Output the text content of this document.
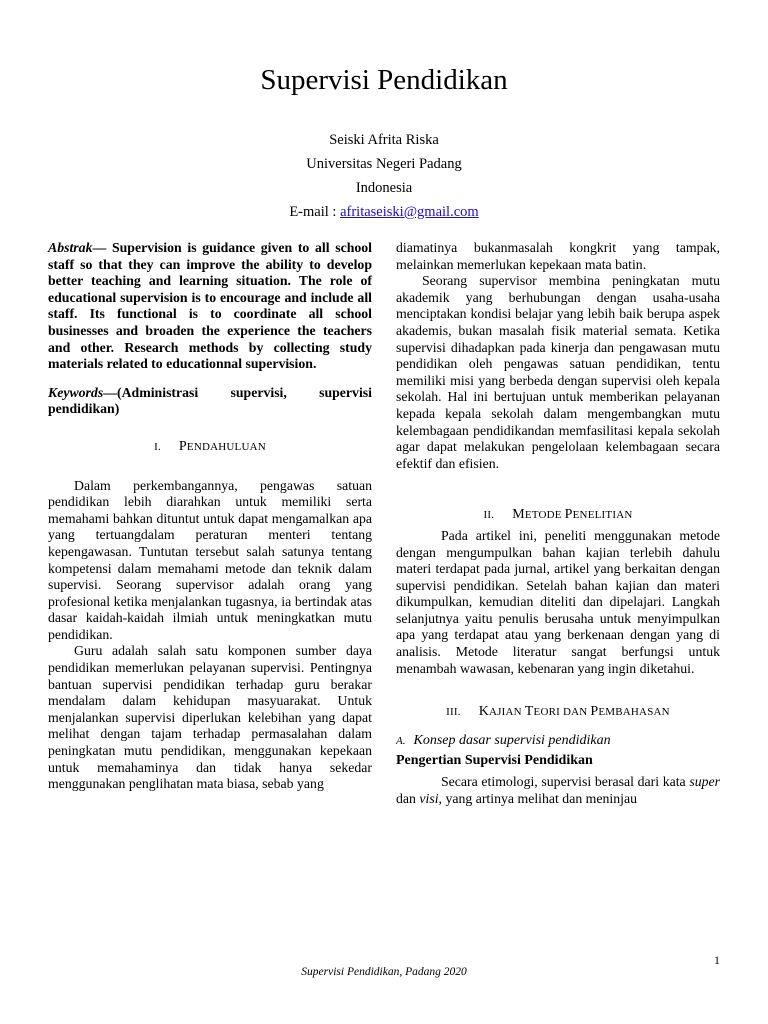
Supervisi Pendidikan
Seiski Afrita Riska
Universitas Negeri Padang
Indonesia
E-mail : afritaseiski@gmail.com

Abstrak— Supervision is guidance given to all school staff so that they can improve the ability to develop better teaching and learning situation. The role of educational supervision is to encourage and include all staff. Its functional is to coordinate all school businesses and broaden the experience the teachers and other. Research methods by collecting study materials related to educationnal supervision.

Keywords—(Administrasi supervisi, supervisi pendidikan)

I. PENDAHULUAN

Dalam perkembangannya, pengawas satuan pendidikan lebih diarahkan untuk memiliki serta memahami bahkan dituntut untuk dapat mengamalkan apa yang tertuangdalam peraturan menteri tentang kepengawasan. Tuntutan tersebut salah satunya tentang kompetensi dalam memahami metode dan teknik dalam supervisi. Seorang supervisor adalah orang yang profesional ketika menjalankan tugasnya, ia bertindak atas dasar kaidah-kaidah ilmiah untuk meningkatkan mutu pendidikan.

Guru adalah salah satu komponen sumber daya pendidikan memerlukan pelayanan supervisi. Pentingnya bantuan supervisi pendidikan terhadap guru berakar mendalam dalam kehidupan masyuarakat. Untuk menjalankan supervisi diperlukan kelebihan yang dapat melihat dengan tajam terhadap permasalahan dalam peningkatan mutu pendidikan, menggunakan kepekaan untuk memahaminya dan tidak hanya sekedar menggunakan penglihatan mata biasa, sebab yang

diamatinya bukanmasalah kongkrit yang tampak, melainkan memerlukan kepekaan mata batin.

Seorang supervisor membina peningkatan mutu akademik yang berhubungan dengan usaha-usaha menciptakan kondisi belajar yang lebih baik berupa aspek akademis, bukan masalah fisik material semata. Ketika supervisi dihadapkan pada kinerja dan pengawasan mutu pendidikan oleh pengawas satuan pendidikan, tentu memiliki misi yang berbeda dengan supervisi oleh kepala sekolah. Hal ini bertujuan untuk memberikan pelayanan kepada kepala sekolah dalam mengembangkan mutu kelembagaan pendidikandan memfasilitasi kepala sekolah agar dapat melakukan pengelolaan kelembagaan secara efektif dan efisien.

II. METODE PENELITIAN

Pada artikel ini, peneliti menggunakan metode dengan mengumpulkan bahan kajian terlebih dahulu materi terdapat pada jurnal, artikel yang berkaitan dengan supervisi pendidikan. Setelah bahan kajian dan materi dikumpulkan, kemudian diteliti dan dipelajari. Langkah selanjutnya yaitu penulis berusaha untuk menyimpulkan apa yang terdapat atau yang berkenaan dengan yang di analisis. Metode literatur sangat berfungsi untuk menambah wawasan, kebenaran yang ingin diketahui.

III. KAJIAN TEORI DAN PEMBAHASAN

A. Konsep dasar supervisi pendidikan

Pengertian Supervisi Pendidikan

Secara etimologi, supervisi berasal dari kata super dan visi, yang artinya melihat dan meninjau

1
Supervisi Pendidikan, Padang 2020
